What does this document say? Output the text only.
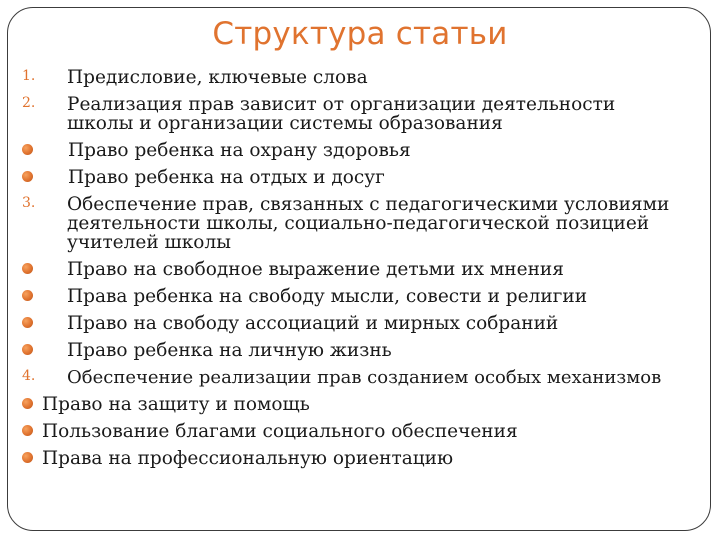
Структура статьи
1.	Предисловие, ключевые слова
2.	Реализация прав зависит от организации деятельности школы и организации системы образования
Право ребенка на охрану здоровья
Право ребенка на отдых и досуг
3.	Обеспечение прав, связанных с педагогическими условиями деятельности школы, социально-педагогической позицией учителей школы
Право на свободное выражение детьми их мнения
Права ребенка на свободу мысли, совести и религии
Право на свободу ассоциаций и мирных собраний
Право ребенка на личную жизнь
4.	Обеспечение реализации прав созданием особых механизмов
Право на защиту и помощь
Пользование благами социального обеспечения
Права на профессиональную ориентацию
